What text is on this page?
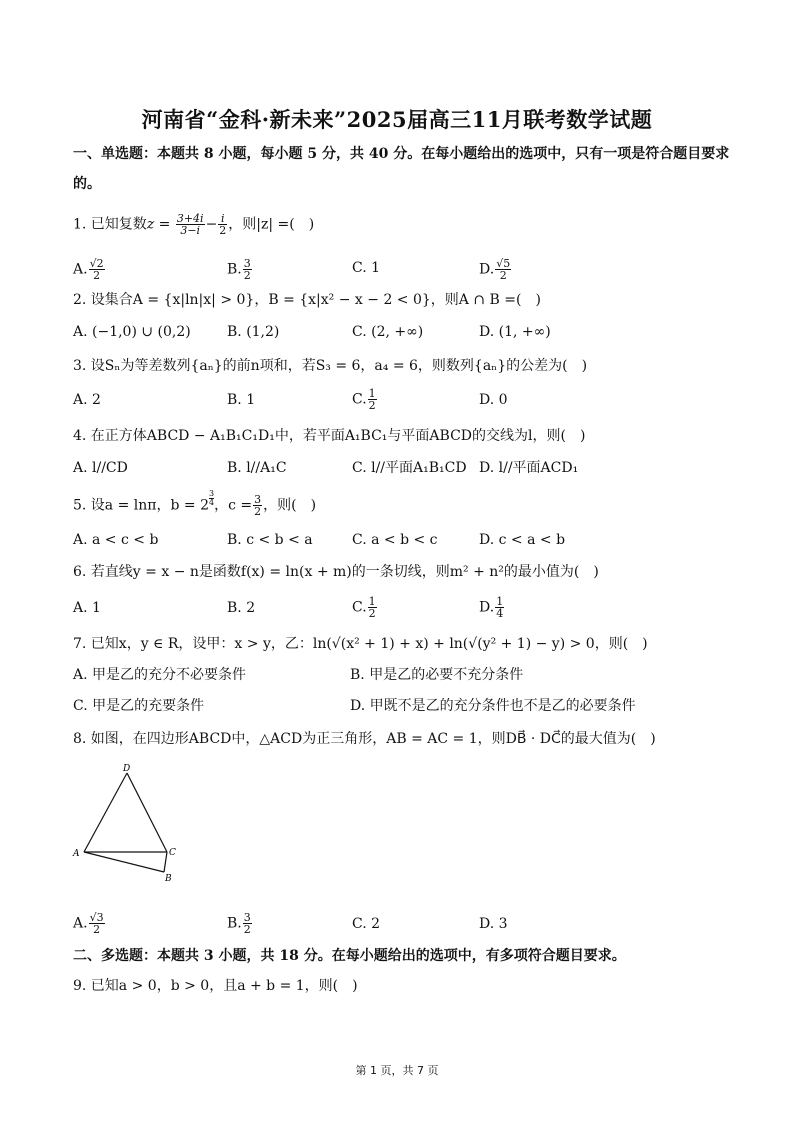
河南省“金科·新未来”2025届高三11月联考数学试题
一、单选题：本题共 8 小题，每小题 5 分，共 40 分。在每小题给出的选项中，只有一项是符合题目要求
的。
1. 已知复数$z = \frac{3+4i}{3-i} - \frac{i}{2}$ ，则|z| =(　)
A. $\frac{√2}{2}$	B. $\frac{3}{2}$	C. 1	D. $\frac{√5}{2}$
2. 设集合A = {x|ln|x| > 0}，B = {x|x² − x − 2 < 0}，则A ∩ B =(　)
A. (−1,0) ∪ (0,2)	B. (1,2)	C. (2, +∞)	D. (1, +∞)
3. 设Sₙ为等差数列{aₙ}的前n项和，若S₃ = 6，a₄ = 6，则数列{aₙ}的公差为(　)
A. 2	B. 1	C. $\frac{1}{2}$	D. 0
4. 在正方体ABCD − A₁B₁C₁D₁中，若平面A₁BC₁与平面ABCD的交线为l，则(　)
A. l//CD	B. l//A₁C	C. l//平面A₁B₁CD D. l//平面ACD₁
5. 设a = lnπ，$b = 2 \frac{3}{4}$ ，$c = \frac{3}{2}$ ，则(　)
A. a < c < b	B. c < b < a	C. a < b < c	D. c < a < b
6. 若直线y = x − n是函数f(x) = ln(x + m)的一条切线，则m² + n²的最小值为(　)
A. 1	B. 2	C. $\frac{1}{2}$	D. $\frac{1}{4}$
7. 已知x，y ∈ R，设甲：x > y，乙：ln(√(x² + 1) + x) + ln(√(y² + 1) − y) > 0，则(　)
A. 甲是乙的充分不必要条件	B. 甲是乙的必要不充分条件
C. 甲是乙的充要条件	D. 甲既不是乙的充分条件也不是乙的必要条件
8. 如图，在四边形ABCD中，△ACD为正三角形，AB = AC = 1，则DB⃗ · DC⃗的最大值为(　)
D
A	C
B
A. $\frac{√3}{2}$	B. $\frac{3}{2}$	C. 2	D. 3
二、多选题：本题共 3 小题，共 18 分。在每小题给出的选项中，有多项符合题目要求。
9. 已知a > 0，b > 0，且a + b = 1，则(　)
第 1 页，共 7 页
